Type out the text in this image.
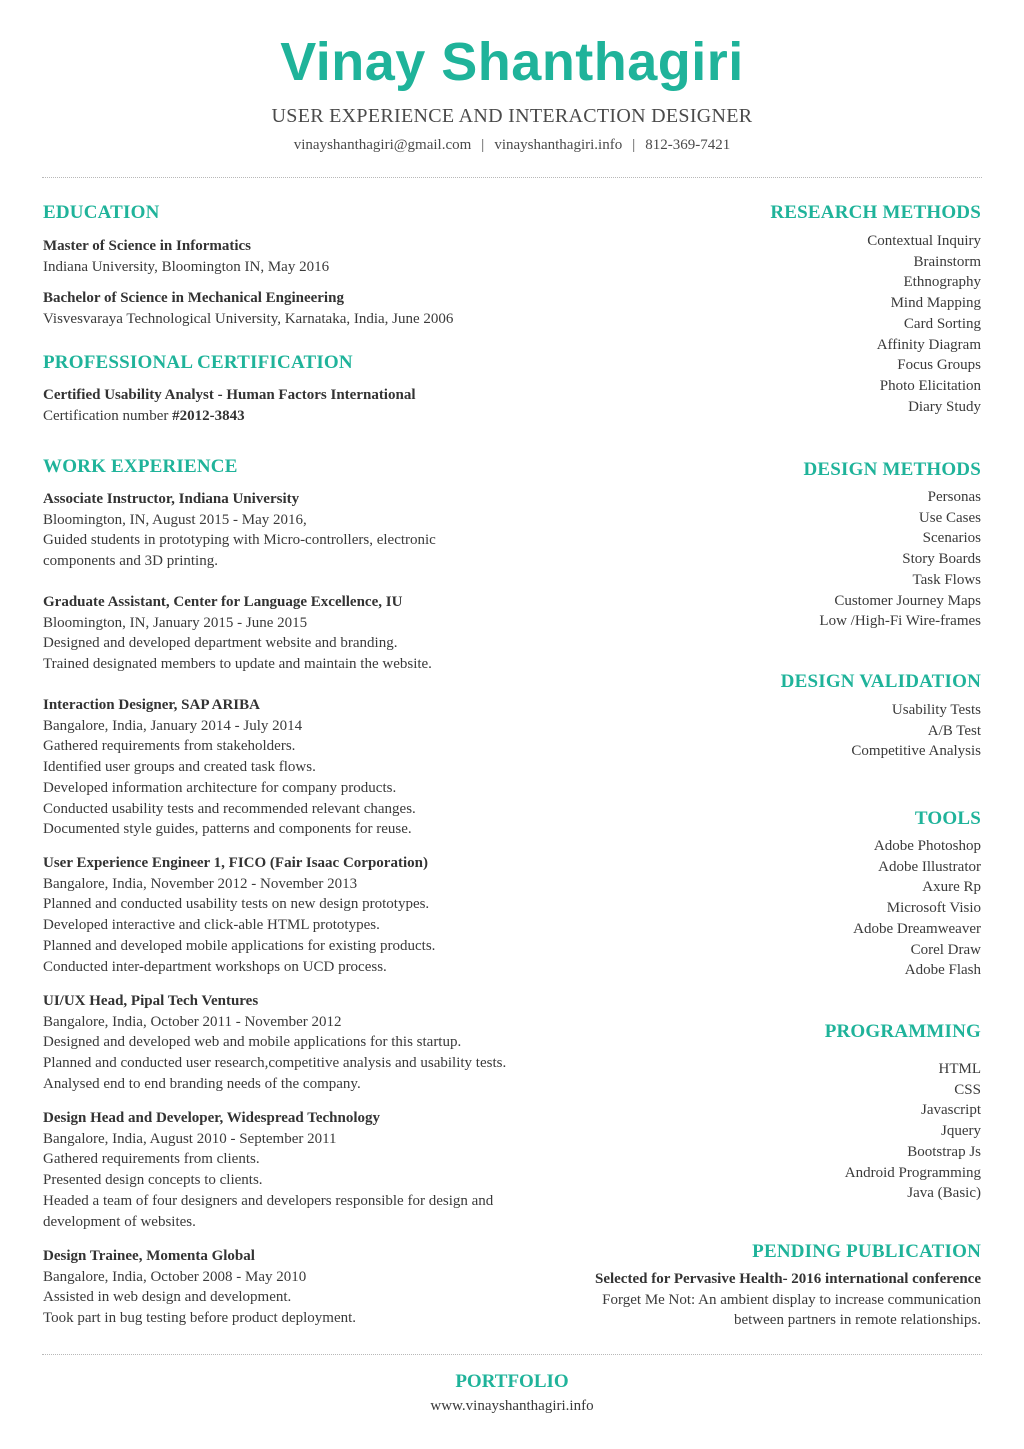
Vinay Shanthagiri
USER EXPERIENCE AND INTERACTION DESIGNER
vinayshanthagiri@gmail.com | vinayshanthagiri.info | 812-369-7421
EDUCATION
Master of Science in Informatics
Indiana University, Bloomington IN, May 2016
Bachelor of Science in Mechanical Engineering
Visvesvaraya Technological University, Karnataka, India, June 2006
PROFESSIONAL CERTIFICATION
Certified Usability Analyst - Human Factors International
Certification number #2012-3843
WORK EXPERIENCE
Associate Instructor, Indiana University
Bloomington, IN, August 2015 - May 2016,
Guided students in prototyping with Micro-controllers, electronic
components and 3D printing.
Graduate Assistant, Center for Language Excellence, IU
Bloomington, IN, January 2015 - June 2015
Designed and developed department website and branding.
Trained designated members to update and maintain the website.
Interaction Designer, SAP ARIBA
Bangalore, India, January 2014 - July 2014
Gathered requirements from stakeholders.
Identified user groups and created task flows.
Developed information architecture for company products.
Conducted usability tests and recommended relevant changes.
Documented style guides, patterns and components for reuse.
User Experience Engineer 1, FICO (Fair Isaac Corporation)
Bangalore, India, November 2012 - November 2013
Planned and conducted usability tests on new design prototypes.
Developed interactive and click-able HTML prototypes.
Planned and developed mobile applications for existing products.
Conducted inter-department workshops on UCD process.
UI/UX Head, Pipal Tech Ventures
Bangalore, India, October 2011 - November 2012
Designed and developed web and mobile applications for this startup.
Planned and conducted user research,competitive analysis and usability tests.
Analysed end to end branding needs of the company.
Design Head and Developer, Widespread Technology
Bangalore, India, August 2010 - September 2011
Gathered requirements from clients.
Presented design concepts to clients.
Headed a team of four designers and developers responsible for design and
development of websites.
Design Trainee, Momenta Global
Bangalore, India, October 2008 - May 2010
Assisted in web design and development.
Took part in bug testing before product deployment.
RESEARCH METHODS
Contextual Inquiry
Brainstorm
Ethnography
Mind Mapping
Card Sorting
Affinity Diagram
Focus Groups
Photo Elicitation
Diary Study
DESIGN METHODS
Personas
Use Cases
Scenarios
Story Boards
Task Flows
Customer Journey Maps
Low /High-Fi Wire-frames
DESIGN VALIDATION
Usability Tests
A/B Test
Competitive Analysis
TOOLS
Adobe Photoshop
Adobe Illustrator
Axure Rp
Microsoft Visio
Adobe Dreamweaver
Corel Draw
Adobe Flash
PROGRAMMING
HTML
CSS
Javascript
Jquery
Bootstrap Js
Android Programming
Java (Basic)
PENDING PUBLICATION
Selected for Pervasive Health- 2016 international conference
Forget Me Not: An ambient display to increase communication
between partners in remote relationships.
PORTFOLIO
www.vinayshanthagiri.info
